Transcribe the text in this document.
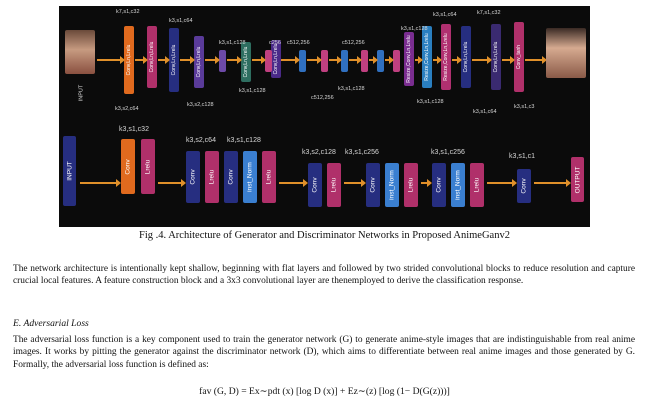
INPUT
Conv,Ln,Lrelu	Conv,Ln,Lrelu	Conv,Ln,Lrelu	Conv,Ln,Lrelu	Conv,Ln,Lrelu	Conv,Ln,Lrelu	Resize,Conv,Ln,Lrelu Resize,Conv,Ln,Lrelu	Resize,Conv,Ln,Lrelu	Conv,Ln,Lrelu	Conv,Ln,Lrelu	Conv_tanh
k7,s1,c32
k3,s1,c64
k3,s1,c128	c256 c512,256	c512,256
k3,s1,c128
k3,s1,c64	k7,s1,c32
k3,s2,c64
k3,s2,c128
k3,s1,c128
c512,256
k3,s1,c128
k3,s1,c128
k3,s1,c64
k3,s1,c3
INPUT	Conv Lrelu
Conv Lrelu Conv inst_Norm Lrelu
Conv Lrelu	Conv inst_Norm Lrelu	Conv inst_Norm Lrelu	Conv
k3,s1,c32
k3,s2,c64 k3,s1,c128
k3,s2,c128 k3,s1,c256	k3,s1,c256
k3,s1,c1
OUTPUT
Fig .4. Architecture of Generator and Discriminator Networks in Proposed AnimeGanv2
The network architecture is intentionally kept shallow, beginning with flat layers and followed by two strided convolutional blocks to reduce resolution and capture crucial local features. A feature construction block and a 3x3 convolutional layer are thenemployed to derive the classification response.
E. Adversarial Loss
The adversarial loss function is a key component used to train the generator network (G) to generate anime-style images that are indistinguishable from real anime images. It works by pitting the generator against the discriminator network (D), which aims to differentiate between real anime images and those generated by G. Formally, the adversarial loss function is defined as:
fav (G, D) = Ex∼pdt (x) [log D (x)] + Ez∼(z) [log (1− D(G(z)))]
